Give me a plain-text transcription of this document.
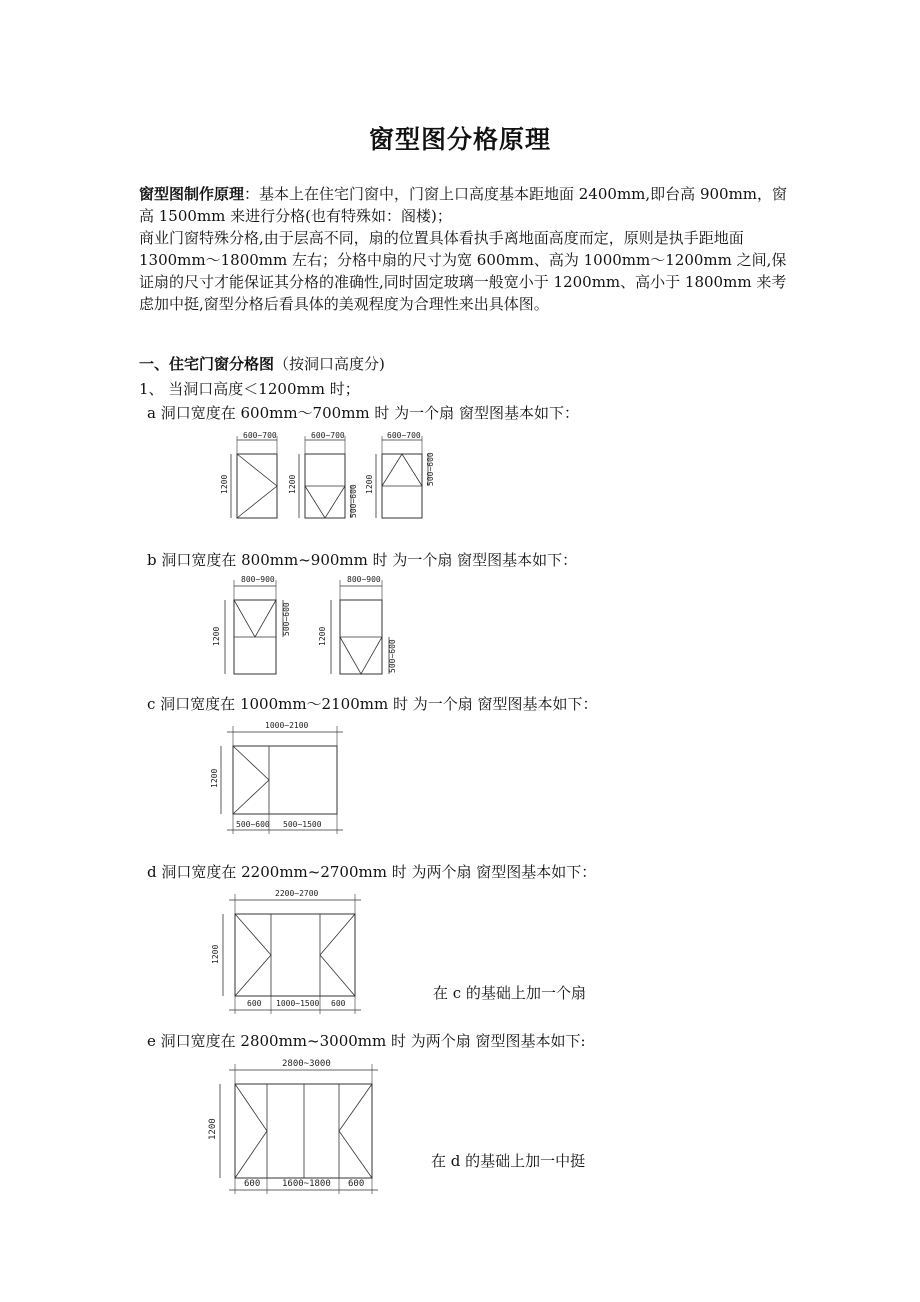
窗型图分格原理
窗型图制作原理：基本上在住宅门窗中，门窗上口高度基本距地面 2400mm,即台高 900mm，窗高 1500mm 来进行分格(也有特殊如：阁楼)；
商业门窗特殊分格,由于层高不同，扇的位置具体看执手离地面高度而定，原则是执手距地面 1300mm～1800mm 左右；分格中扇的尺寸为宽 600mm、高为 1000mm～1200mm 之间,保证扇的尺寸才能保证其分格的准确性,同时固定玻璃一般宽小于 1200mm、高小于 1800mm 来考虑加中挺,窗型分格后看具体的美观程度为合理性来出具体图。
一、住宅门窗分格图（按洞口高度分)
1、 当洞口高度＜1200mm 时；
a 洞口宽度在 600mm～700mm 时 为一个扇 窗型图基本如下：
600~700
1200
600~700
1200	500~600
600~700
1200	500~600
b 洞口宽度在 800mm~900mm 时 为一个扇 窗型图基本如下：
800~900
1200
500~600
800~900
1200
500~600
c 洞口宽度在 1000mm～2100mm 时 为一个扇 窗型图基本如下：
1000~2100
1200
500~600 500~1500
d 洞口宽度在 2200mm~2700mm 时 为两个扇 窗型图基本如下：
2200~2700
1200
600 1000~1500 600
在 c 的基础上加一个扇
e 洞口宽度在 2800mm~3000mm 时 为两个扇 窗型图基本如下:
2800~3000
1200
600 1600~1800 600
在 d 的基础上加一中挺
